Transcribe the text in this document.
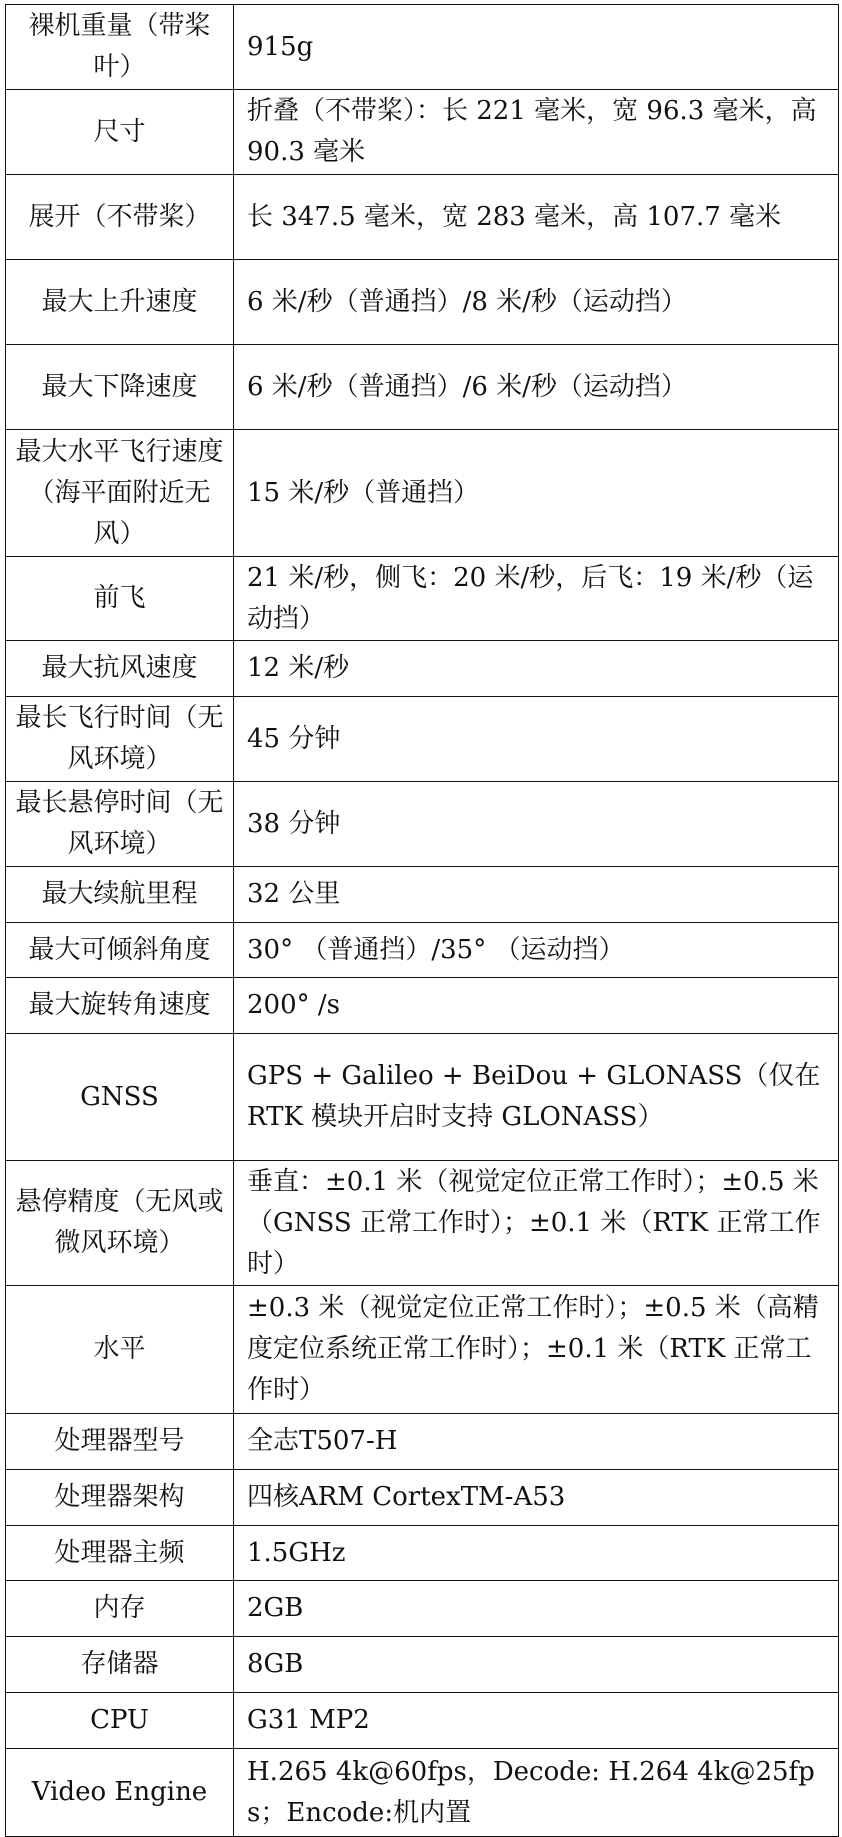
裸机重量（带桨叶）	915g
尺寸	折叠（不带桨）：长 221 毫米，宽 96.3 毫米，高 90.3 毫米
展开（不带桨）	长 347.5 毫米，宽 283 毫米，高 107.7 毫米
最大上升速度	6 米/秒（普通挡）/8 米/秒（运动挡）
最大下降速度	6 米/秒（普通挡）/6 米/秒（运动挡）
最大水平飞行速度（海平面附近无风）	15 米/秒（普通挡）
前飞	21 米/秒，侧飞：20 米/秒，后飞：19 米/秒（运动挡）
最大抗风速度	12 米/秒
最长飞行时间（无风环境）	45 分钟
最长悬停时间（无风环境）	38 分钟
最大续航里程	32 公里
最大可倾斜角度	30° （普通挡）/35° （运动挡）
最大旋转角速度	200° /s
GNSS	GPS + Galileo + BeiDou + GLONASS（仅在 RTK 模块开启时支持 GLONASS）
悬停精度（无风或微风环境）	垂直：±0.1 米（视觉定位正常工作时）；±0.5 米（GNSS 正常工作时）；±0.1 米（RTK 正常工作时）
水平	±0.3 米（视觉定位正常工作时）；±0.5 米（高精度定位系统正常工作时）；±0.1 米（RTK 正常工作时）
处理器型号	全志T507-H
处理器架构	四核ARM CortexTM-A53
处理器主频	1.5GHz
内存	2GB
存储器	8GB
CPU	G31 MP2
Video Engine	H.265 4k@60fps，Decode: H.264 4k@25fps；Encode:机内置
